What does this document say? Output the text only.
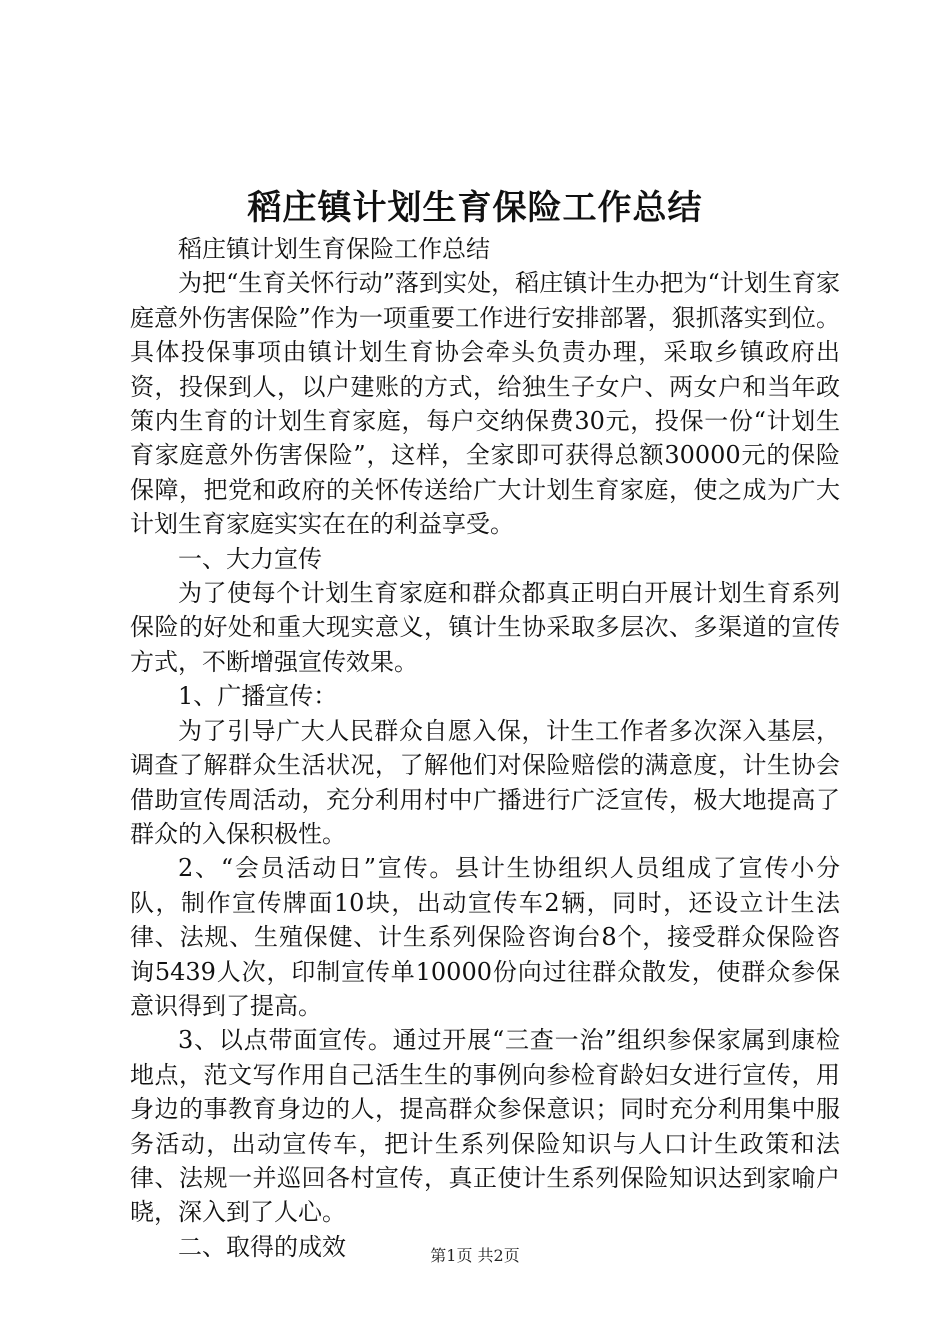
稻庄镇计划生育保险工作总结

稻庄镇计划生育保险工作总结

为把“生育关怀行动”落到实处，稻庄镇计生办把为“计划生育家庭意外伤害保险”作为一项重要工作进行安排部署，狠抓落实到位。具体投保事项由镇计划生育协会牵头负责办理，采取乡镇政府出资，投保到人，以户建账的方式，给独生子女户、两女户和当年政策内生育的计划生育家庭，每户交纳保费30元，投保一份“计划生育家庭意外伤害保险”，这样，全家即可获得总额30000元的保险保障，把党和政府的关怀传送给广大计划生育家庭，使之成为广大计划生育家庭实实在在的利益享受。

一、大力宣传

为了使每个计划生育家庭和群众都真正明白开展计划生育系列保险的好处和重大现实意义，镇计生协采取多层次、多渠道的宣传方式，不断增强宣传效果。

1、广播宣传：

为了引导广大人民群众自愿入保，计生工作者多次深入基层，调查了解群众生活状况，了解他们对保险赔偿的满意度，计生协会借助宣传周活动，充分利用村中广播进行广泛宣传，极大地提高了群众的入保积极性。

2、“会员活动日”宣传。县计生协组织人员组成了宣传小分队，制作宣传牌面10块，出动宣传车2辆，同时，还设立计生法律、法规、生殖保健、计生系列保险咨询台8个，接受群众保险咨询5439人次，印制宣传单10000份向过往群众散发，使群众参保意识得到了提高。

3、以点带面宣传。通过开展“三查一治”组织参保家属到康检地点，范文写作用自己活生生的事例向参检育龄妇女进行宣传，用身边的事教育身边的人，提高群众参保意识；同时充分利用集中服务活动，出动宣传车，把计生系列保险知识与人口计生政策和法律、法规一并巡回各村宣传，真正使计生系列保险知识达到家喻户晓，深入到了人心。

二、取得的成效	第1页 共2页
